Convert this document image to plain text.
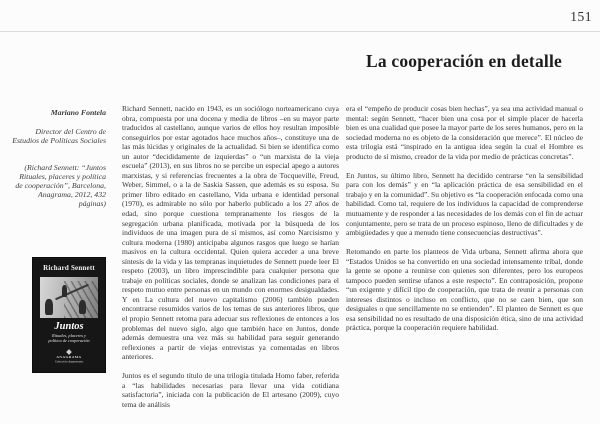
151
La cooperación en detalle
Mariano Fontela
Director del Centro de Estudios de Políticas Sociales
(Richard Sennett: “Juntos Rituales, placeres y política de cooperación”, Barcelona, Anagrama, 2012, 432 páginas)
Richard Sennett
Juntos
Rituales, placeres y política de cooperación
ANAGRAMA
Colección Argumentos

Richard Sennett, nacido en 1943, es un sociólogo norteamericano cuya obra, compuesta por una docena y media de libros –en su mayor parte traducidos al castellano, aunque varios de ellos hoy resultan imposible conseguirlos por estar agotados hace muchos años–, constituye una de las más lúcidas y originales de la actualidad. Si bien se identifica como un autor “decididamente de izquierdas” o “un marxista de la vieja escuela” (2013), en sus libros no se percibe un especial apego a autores marxistas, y si referencias frecuentes a la obra de Tocqueville, Freud, Weber, Simmel, o a la de Saskia Sassen, que además es su esposa. Su primer libro editado en castellano, Vida urbana e identidad personal (1970), es admirable no sólo por haberlo publicado a los 27 años de edad, sino porque cuestiona tempranamente los riesgos de la segregación urbana planificada, motivada por la búsqueda de los individuos de una imagen pura de sí mismos, así como Narcisismo y cultura moderna (1980) anticipaba algunos rasgos que luego se harían masivos en la cultura occidental. Quien quiera acceder a una breve síntesis de la vida y las tempranas inquietudes de Sennett puede leer El respeto (2003), un libro imprescindible para cualquier persona que trabaje en políticas sociales, donde se analizan las condiciones para el respeto mutuo entre personas en un mundo con enormes desigualdades. Y en La cultura del nuevo capitalismo (2006) también pueden encontrarse resumidos varios de los temas de sus anteriores libros, que el propio Sennett retoma para adecuar sus reflexiones de entonces a los problemas del nuevo siglo, algo que también hace en Juntos, donde además demuestra una vez más su habilidad para seguir generando reflexiones a partir de viejas entrevistas ya comentadas en libros anteriores.

Juntos es el segundo título de una trilogía titulada Homo faber, referida a “las habilidades necesarias para llevar una vida cotidiana satisfactoria”, iniciada con la publicación de El artesano (2009), cuyo tema de análisis

era el “empeño de producir cosas bien hechas”, ya sea una actividad manual o mental: según Sennett, “hacer bien una cosa por el simple placer de hacerla bien es una cualidad que posee la mayor parte de los seres humanos, pero en la sociedad moderna no es objeto de la consideración que merece”. El núcleo de esta trilogía está “inspirado en la antigua idea según la cual el Hombre es producto de sí mismo, creador de la vida por medio de prácticas concretas”.

En Juntos, su último libro, Sennett ha decidido centrarse “en la sensibilidad para con los demás” y en “la aplicación práctica de esa sensibilidad en el trabajo y en la comunidad”. Su objetivo es “la cooperación enfocada como una habilidad. Como tal, requiere de los individuos la capacidad de comprenderse mutuamente y de responder a las necesidades de los demás con el fin de actuar conjuntamente, pero se trata de un proceso espinoso, lleno de dificultades y de ambigüedades y que a menudo tiene consecuencias destructivas”.

Retomando en parte los planteos de Vida urbana, Sennett afirma ahora que “Estados Unidos se ha convertido en una sociedad intensamente tribal, donde la gente se opone a reunirse con quienes son diferentes, pero los europeos tampoco pueden sentirse ufanos a este respecto”. En contraposición, propone “un exigente y difícil tipo de cooperación, que trata de reunir a personas con intereses distintos o incluso en conflicto, que no se caen bien, que son desiguales o que sencillamente no se entienden”. El planteo de Sennett es que esa sensibilidad no es resultado de una disposición ética, sino de una actividad práctica, porque la cooperación requiere habilidad.
